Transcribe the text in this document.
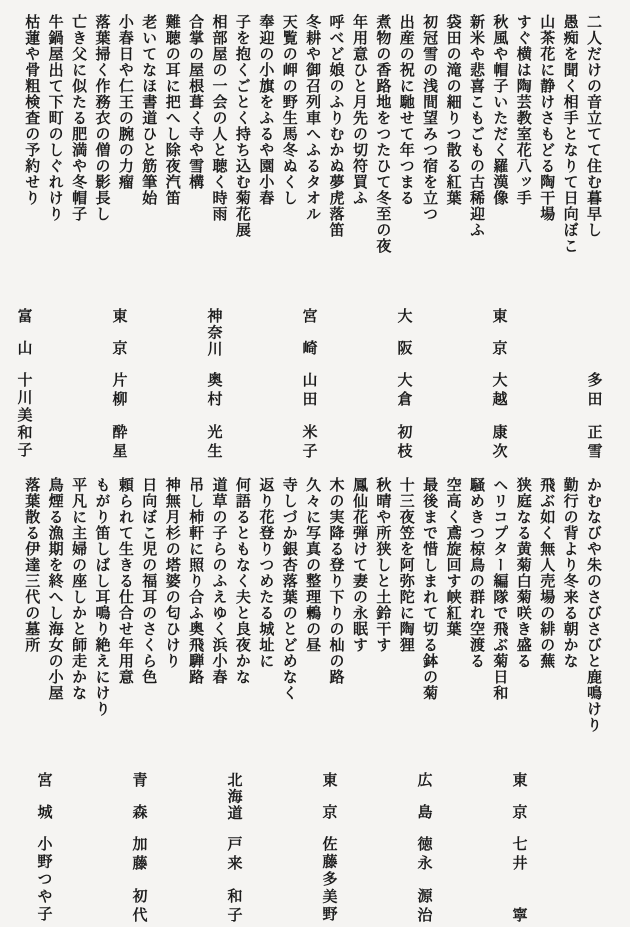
二人だけの音立てて住む暮早し
愚痴を聞く相手となりて日向ぼこ
山茶花に静けさもどる陶干場
すぐ横は陶芸教室花八ッ手
秋風や帽子いただく羅漢像
新米や悲喜こもごもの古稀迎ふ
袋田の滝の細りつ散る紅葉
初冠雪の浅間望みつ宿を立つ
出産の祝に馳せて年つまる
煮物の香路地をつたひて冬至の夜
年用意ひと月先の切符買ふ
呼べど娘のふりむかぬ夢虎落笛
冬耕や御召列車へふるタオル
天覧の岬の野生馬冬ぬくし
奉迎の小旗をふるや園小春
子を抱くごとく持ち込む菊花展
相部屋の一会の人と聴く時雨
合掌の屋根葺く寺や雪構
難聴の耳に把へし除夜汽笛
老いてなほ書道ひと筋筆始
小春日や仁王の腕の力瘤
落葉掃く作務衣の僧の影長し
亡き父に似たる肥満や冬帽子
牛鍋屋出て下町のしぐれけり
枯蓮や骨粗検査の予約せり
多田
正雪
東京
大越
康次
大阪
大倉
初枝
宮崎
山田
米子
神奈川
奥村
光生
東京
片柳
酔星
富山
十川美和子
かむなびや朱のさびさびと鹿鳴けり
勤行の背より冬来る朝かな
飛ぶ如く無人売場の緋の蕪
狭庭なる黄菊白菊咲き盛る
ヘリコプター編隊で飛ぶ菊日和
騒めきつ椋鳥の群れ空渡る
空高く鳶旋回す峡紅葉
最後まで惜しまれて切る鉢の菊
十三夜笠を阿弥陀に陶狸
秋晴や所狭しと土鈴干す
鳳仙花弾けて妻の永眠す
木の実降る登り下りの杣の路
久々に写真の整理鶫の昼
寺しづか銀杏落葉のとどめなく
返り花登りつめたる城址に
何語るともなく夫と良夜かな
道草の子らのふえゆく浜小春
吊し柿軒に照り合ふ奥飛騨路
神無月杉の塔婆の匂ひけり
日向ぼこ児の福耳のさくら色
頼られて生きる仕合せ年用意
もがり笛しばし耳鳴り絶えにけり
平凡に主婦の座しかと師走かな
鳥煙る漁期を終へし海女の小屋
落葉散る伊達三代の墓所
東京
七井
寧
広島
徳永
源治
東京
佐藤多美野
北海道
戸来
和子
青森
加藤
初代
宮城
小野つや子
